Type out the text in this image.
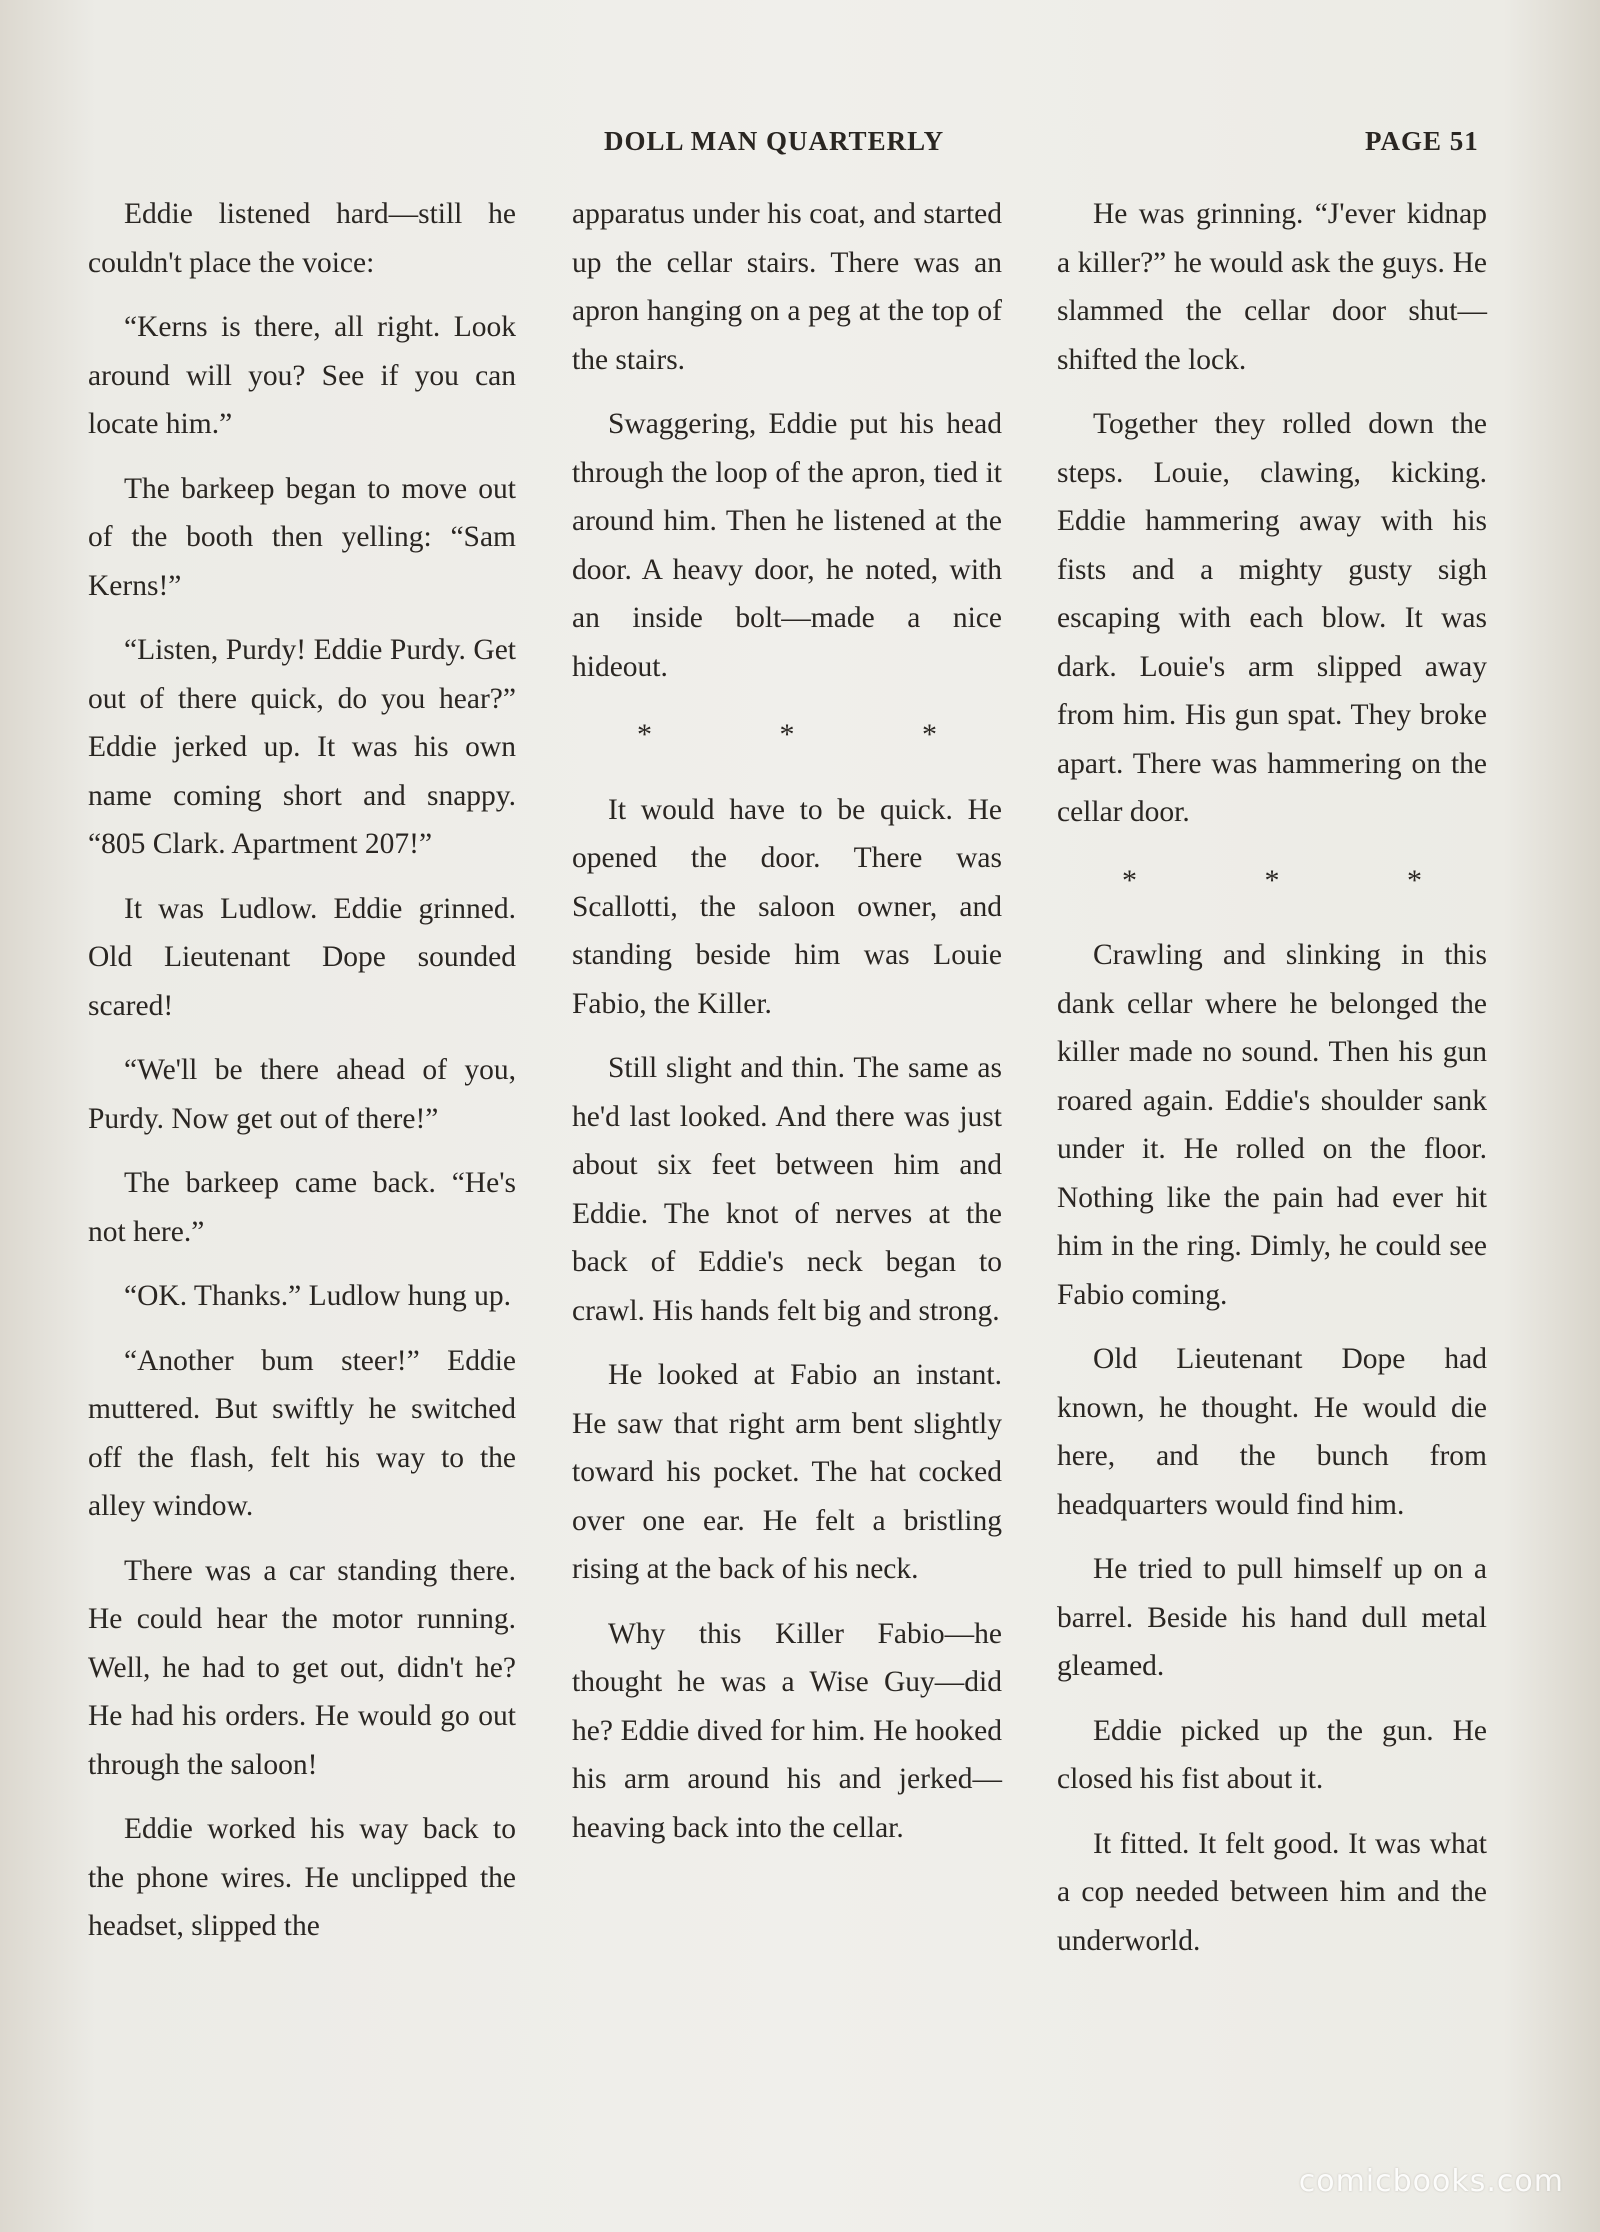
DOLL MAN QUARTERLY	PAGE 51

Eddie listened hard—still he couldn't place the voice:

“Kerns is there, all right. Look around will you? See if you can locate him.”

The barkeep began to move out of the booth then yelling: “Sam Kerns!”

“Listen, Purdy! Eddie Purdy. Get out of there quick, do you hear?” Eddie jerked up. It was his own name coming short and snappy. “805 Clark. Apartment 207!”

It was Ludlow. Eddie grinned. Old Lieutenant Dope sounded scared!

“We'll be there ahead of you, Purdy. Now get out of there!”

The barkeep came back. “He's not here.”

“OK. Thanks.” Ludlow hung up.

“Another bum steer!” Eddie muttered. But swiftly he switched off the flash, felt his way to the alley window.

There was a car standing there. He could hear the motor running. Well, he had to get out, didn't he? He had his orders. He would go out through the saloon!

Eddie worked his way back to the phone wires. He unclipped the headset, slipped the

apparatus under his coat, and started up the cellar stairs. There was an apron hanging on a peg at the top of the stairs.

Swaggering, Eddie put his head through the loop of the apron, tied it around him. Then he listened at the door. A heavy door, he noted, with an inside bolt—made a nice hideout.

* * *

It would have to be quick. He opened the door. There was Scallotti, the saloon owner, and standing beside him was Louie Fabio, the Killer.

Still slight and thin. The same as he'd last looked. And there was just about six feet between him and Eddie. The knot of nerves at the back of Eddie's neck began to crawl. His hands felt big and strong.

He looked at Fabio an instant. He saw that right arm bent slightly toward his pocket. The hat cocked over one ear. He felt a bristling rising at the back of his neck.

Why this Killer Fabio—he thought he was a Wise Guy—did he? Eddie dived for him. He hooked his arm around his and jerked—heaving back into the cellar.

He was grinning. “J'ever kidnap a killer?” he would ask the guys. He slammed the cellar door shut—shifted the lock.

Together they rolled down the steps. Louie, clawing, kicking. Eddie hammering away with his fists and a mighty gusty sigh escaping with each blow. It was dark. Louie's arm slipped away from him. His gun spat. They broke apart. There was hammering on the cellar door.

* * *

Crawling and slinking in this dank cellar where he belonged the killer made no sound. Then his gun roared again. Eddie's shoulder sank under it. He rolled on the floor. Nothing like the pain had ever hit him in the ring. Dimly, he could see Fabio coming.

Old Lieutenant Dope had known, he thought. He would die here, and the bunch from headquarters would find him.

He tried to pull himself up on a barrel. Beside his hand dull metal gleamed.

Eddie picked up the gun. He closed his fist about it.

It fitted. It felt good. It was what a cop needed between him and the underworld.

comicbooks.com
